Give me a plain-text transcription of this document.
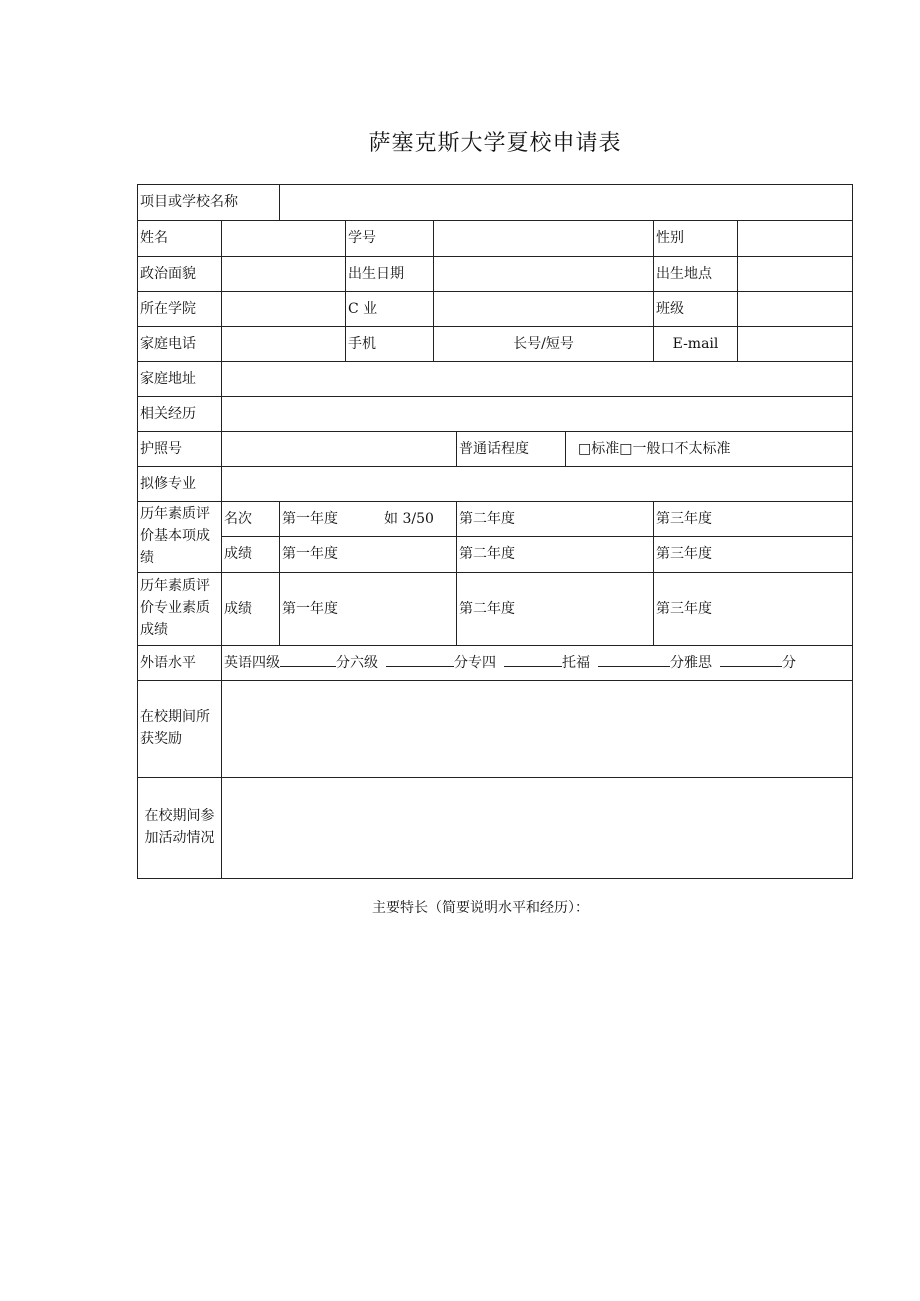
萨塞克斯大学夏校申请表
项目或学校名称								
姓名			学号				性别	
政治面貌			出生日期				出生地点	
所在学院			C 业				班级	
家庭电话			手机	长号/短号			E-mail	
家庭地址								
相关经历								
护照号					普通话程度	□标准□一般口不太标准		
拟修专业								
历年素质评价基本项成绩	名次	第一年度 如 3/50			第二年度		第三年度	
	成绩	第一年度			第二年度		第三年度	
历年素质评价专业素质成绩	成绩	第一年度			第二年度		第三年度	
外语水平	英语四级 分六级 分专四 托福 分雅思 分							
在校期间所获奖励								
在校期间参加活动情况								
主要特长（简要说明水平和经历）：
